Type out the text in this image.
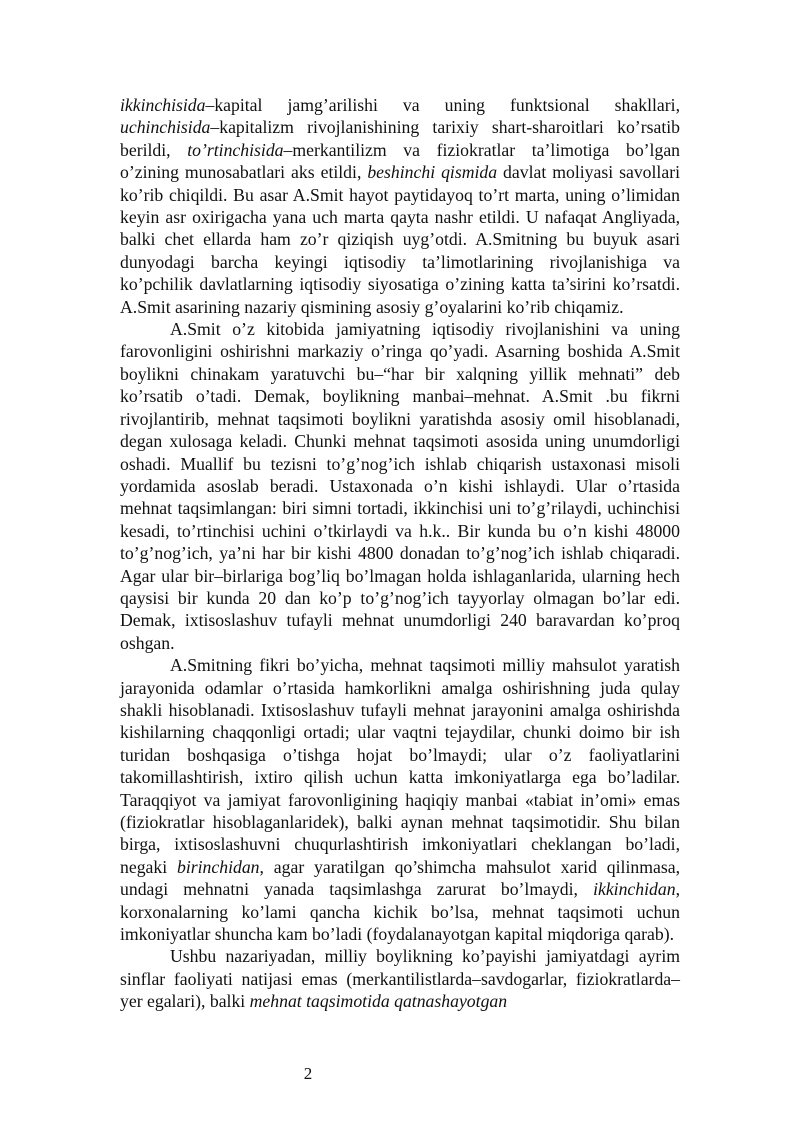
ikkinchisida–kapital jamg’arilishi va uning funktsional shakllari, uchinchisida–kapitalizm rivojlanishining tarixiy shart-sharoitlari ko’rsatib berildi, to’rtinchisida–merkantilizm va fiziokratlar ta’limotiga bo’lgan o’zining munosabatlari aks etildi, beshinchi qismida davlat moliyasi savollari ko’rib chiqildi. Bu asar A.Smit hayot paytidayoq to’rt marta, uning o’limidan keyin asr oxirigacha yana uch marta qayta nashr etildi. U nafaqat Angliyada, balki chet ellarda ham zo’r qiziqish uyg’otdi. A.Smitning bu buyuk asari dunyodagi barcha keyingi iqtisodiy ta’limotlarining rivojlanishiga va ko’pchilik davlatlarning iqtisodiy siyosatiga o’zining katta ta’sirini ko’rsatdi. A.Smit asarining nazariy qismining asosiy g’oyalarini ko’rib chiqamiz.

A.Smit o’z kitobida jamiyatning iqtisodiy rivojlanishini va uning farovonligini oshirishni markaziy o’ringa qo’yadi. Asarning boshida A.Smit boylikni chinakam yaratuvchi bu–“har bir xalqning yillik mehnati” deb ko’rsatib o’tadi. Demak, boylikning manbai–mehnat. A.Smit .bu fikrni rivojlantirib, mehnat taqsimoti boylikni yaratishda asosiy omil hisoblanadi, degan xulosaga keladi. Chunki mehnat taqsimoti asosida uning unumdorligi oshadi. Muallif bu tezisni to’g’nog’ich ishlab chiqarish ustaxonasi misoli yordamida asoslab beradi. Ustaxonada o’n kishi ishlaydi. Ular o’rtasida mehnat taqsimlangan: biri simni tortadi, ikkinchisi uni to’g’rilaydi, uchinchisi kesadi, to’rtinchisi uchini o’tkirlaydi va h.k.. Bir kunda bu o’n kishi 48000 to’g’nog’ich, ya’ni har bir kishi 4800 donadan to’g’nog’ich ishlab chiqaradi. Agar ular bir–birlariga bog’liq bo’lmagan holda ishlaganlarida, ularning hech qaysisi bir kunda 20 dan ko’p to’g’nog’ich tayyorlay olmagan bo’lar edi. Demak, ixtisoslashuv tufayli mehnat unumdorligi 240 baravardan ko’proq oshgan.

A.Smitning fikri bo’yicha, mehnat taqsimoti milliy mahsulot yaratish jarayonida odamlar o’rtasida hamkorlikni amalga oshirishning juda qulay shakli hisoblanadi. Ixtisoslashuv tufayli mehnat jarayonini amalga oshirishda kishilarning chaqqonligi ortadi; ular vaqtni tejaydilar, chunki doimo bir ish turidan boshqasiga o’tishga hojat bo’lmaydi; ular o’z faoliyatlarini takomillashtirish, ixtiro qilish uchun katta imkoniyatlarga ega bo’ladilar. Taraqqiyot va jamiyat farovonligining haqiqiy manbai «tabiat in’omi» emas (fiziokratlar hisoblaganlaridek), balki aynan mehnat taqsimotidir. Shu bilan birga, ixtisoslashuvni chuqurlashtirish imkoniyatlari cheklangan bo’ladi, negaki birinchidan, agar yaratilgan qo’shimcha mahsulot xarid qilinmasa, undagi mehnatni yanada taqsimlashga zarurat bo’lmaydi, ikkinchidan, korxonalarning ko’lami qancha kichik bo’lsa, mehnat taqsimoti uchun imkoniyatlar shuncha kam bo’ladi (foydalanayotgan kapital miqdoriga qarab).

Ushbu nazariyadan, milliy boylikning ko’payishi jamiyatdagi ayrim sinflar faoliyati natijasi emas (merkantilistlarda–savdogarlar, fiziokratlarda–yer egalari), balki mehnat taqsimotida qatnashayotgan

2
